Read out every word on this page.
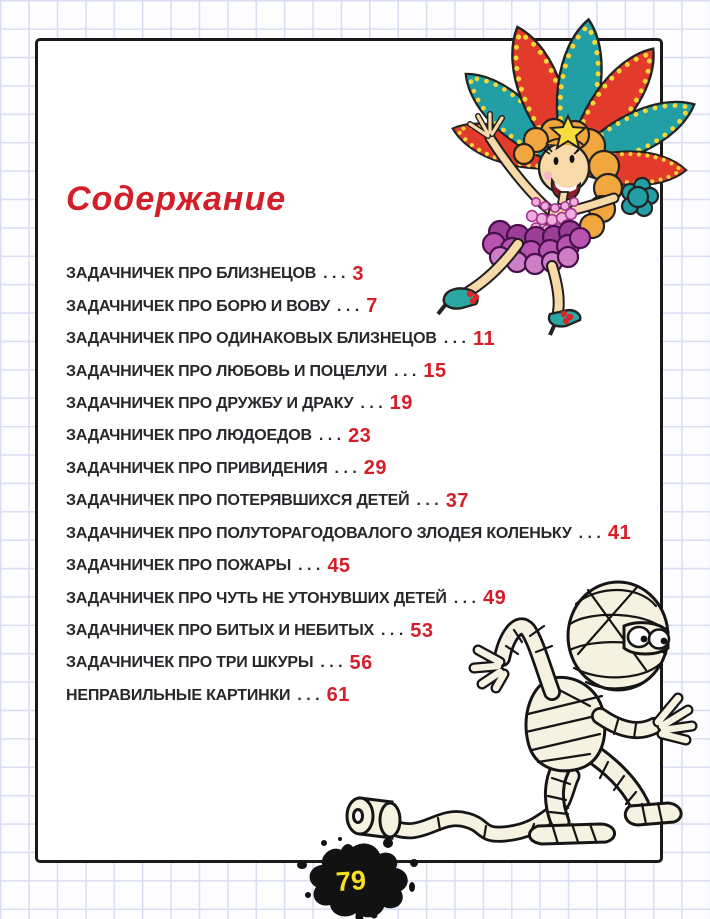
Содержание
ЗАДАЧНИЧЕК ПРО БЛИЗНЕЦОВ . . . 3
ЗАДАЧНИЧЕК ПРО БОРЮ И ВОВУ . . . 7
ЗАДАЧНИЧЕК ПРО ОДИНАКОВЫХ БЛИЗНЕЦОВ . . . 11
ЗАДАЧНИЧЕК ПРО ЛЮБОВЬ И ПОЦЕЛУИ . . . 15
ЗАДАЧНИЧЕК ПРО ДРУЖБУ И ДРАКУ . . . 19
ЗАДАЧНИЧЕК ПРО ЛЮДОЕДОВ . . . 23
ЗАДАЧНИЧЕК ПРО ПРИВИДЕНИЯ . . . 29
ЗАДАЧНИЧЕК ПРО ПОТЕРЯВШИХСЯ ДЕТЕЙ . . . 37
ЗАДАЧНИЧЕК ПРО ПОЛУТОРАГОДОВАЛОГО ЗЛОДЕЯ КОЛЕНЬКУ . . . 41
ЗАДАЧНИЧЕК ПРО ПОЖАРЫ . . . 45
ЗАДАЧНИЧЕК ПРО ЧУТЬ НЕ УТОНУВШИХ ДЕТЕЙ . . . 49
ЗАДАЧНИЧЕК ПРО БИТЫХ И НЕБИТЫХ . . . 53
ЗАДАЧНИЧЕК ПРО ТРИ ШКУРЫ . . . 56
НЕПРАВИЛЬНЫЕ КАРТИНКИ . . . 61
79
